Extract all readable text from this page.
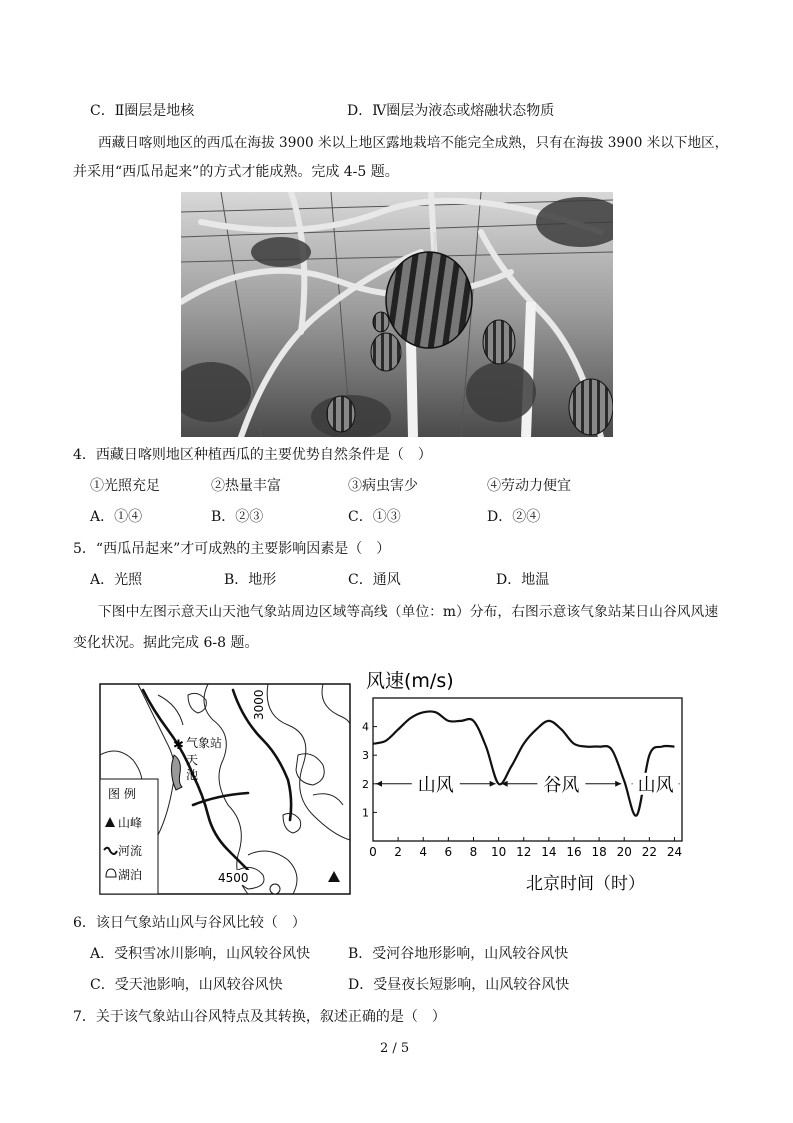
C．Ⅱ圈层是地核	D．Ⅳ圈层为液态或熔融状态物质
西藏日喀则地区的西瓜在海拔 3900 米以上地区露地栽培不能完全成熟，只有在海拔 3900 米以下地区，
并采用“西瓜吊起来”的方式才能成熟。完成 4-5 题。
4．西藏日喀则地区种植西瓜的主要优势自然条件是（　）
①光照充足	②热量丰富	③病虫害少	④劳动力便宜
A．①④	B．②③	C．①③	D．②④
5．“西瓜吊起来”才可成熟的主要影响因素是（　）
A．光照	B．地形	C．通风	D．地温
下图中左图示意天山天池气象站周边区域等高线（单位：m）分布，右图示意该气象站某日山谷风风速
变化状况。据此完成 6-8 题。
✱ 气象站
天
池
3000
4500
图 例
山峰
河流
湖泊
风速(m/s)
1
2
3
4
0 2 4 6 8 10 12 14 16 18 20 22 24
山风	谷风	山风
北京时间（时）
6．该日气象站山风与谷风比较（　）
A．受积雪冰川影响，山风较谷风快	B．受河谷地形影响，山风较谷风快
C．受天池影响，山风较谷风快	D．受昼夜长短影响，山风较谷风快
7．关于该气象站山谷风特点及其转换，叙述正确的是（　）
2 / 5
